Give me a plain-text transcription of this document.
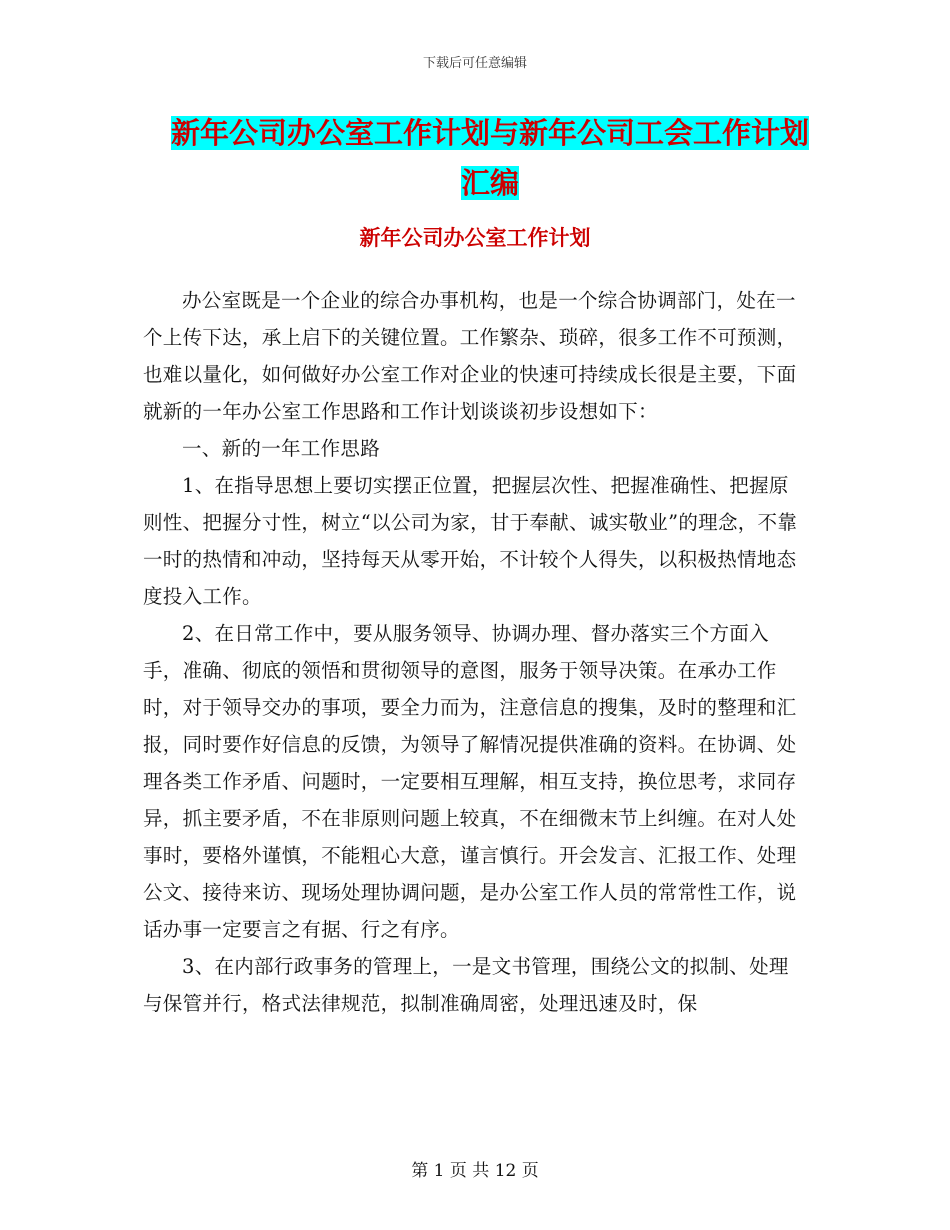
下载后可任意编辑
新年公司办公室工作计划与新年公司工会工作计划汇编
新年公司办公室工作计划

办公室既是一个企业的综合办事机构，也是一个综合协调部门，处在一个上传下达，承上启下的关键位置。工作繁杂、琐碎，很多工作不可预测，也难以量化，如何做好办公室工作对企业的快速可持续成长很是主要，下面就新的一年办公室工作思路和工作计划谈谈初步设想如下：

一、新的一年工作思路

1、在指导思想上要切实摆正位置，把握层次性、把握准确性、把握原则性、把握分寸性，树立“以公司为家，甘于奉献、诚实敬业”的理念，不靠一时的热情和冲动，坚持每天从零开始，不计较个人得失，以积极热情地态度投入工作。

2、在日常工作中，要从服务领导、协调办理、督办落实三个方面入手，准确、彻底的领悟和贯彻领导的意图，服务于领导决策。在承办工作时，对于领导交办的事项，要全力而为，注意信息的搜集，及时的整理和汇报，同时要作好信息的反馈，为领导了解情况提供准确的资料。在协调、处理各类工作矛盾、问题时，一定要相互理解，相互支持，换位思考，求同存异，抓主要矛盾，不在非原则问题上较真，不在细微末节上纠缠。在对人处事时，要格外谨慎，不能粗心大意，谨言慎行。开会发言、汇报工作、处理公文、接待来访、现场处理协调问题，是办公室工作人员的常常性工作，说话办事一定要言之有据、行之有序。

3、在内部行政事务的管理上，一是文书管理，围绕公文的拟制、处理与保管并行，格式法律规范，拟制准确周密，处理迅速及时，保

第 1 页 共 12 页
